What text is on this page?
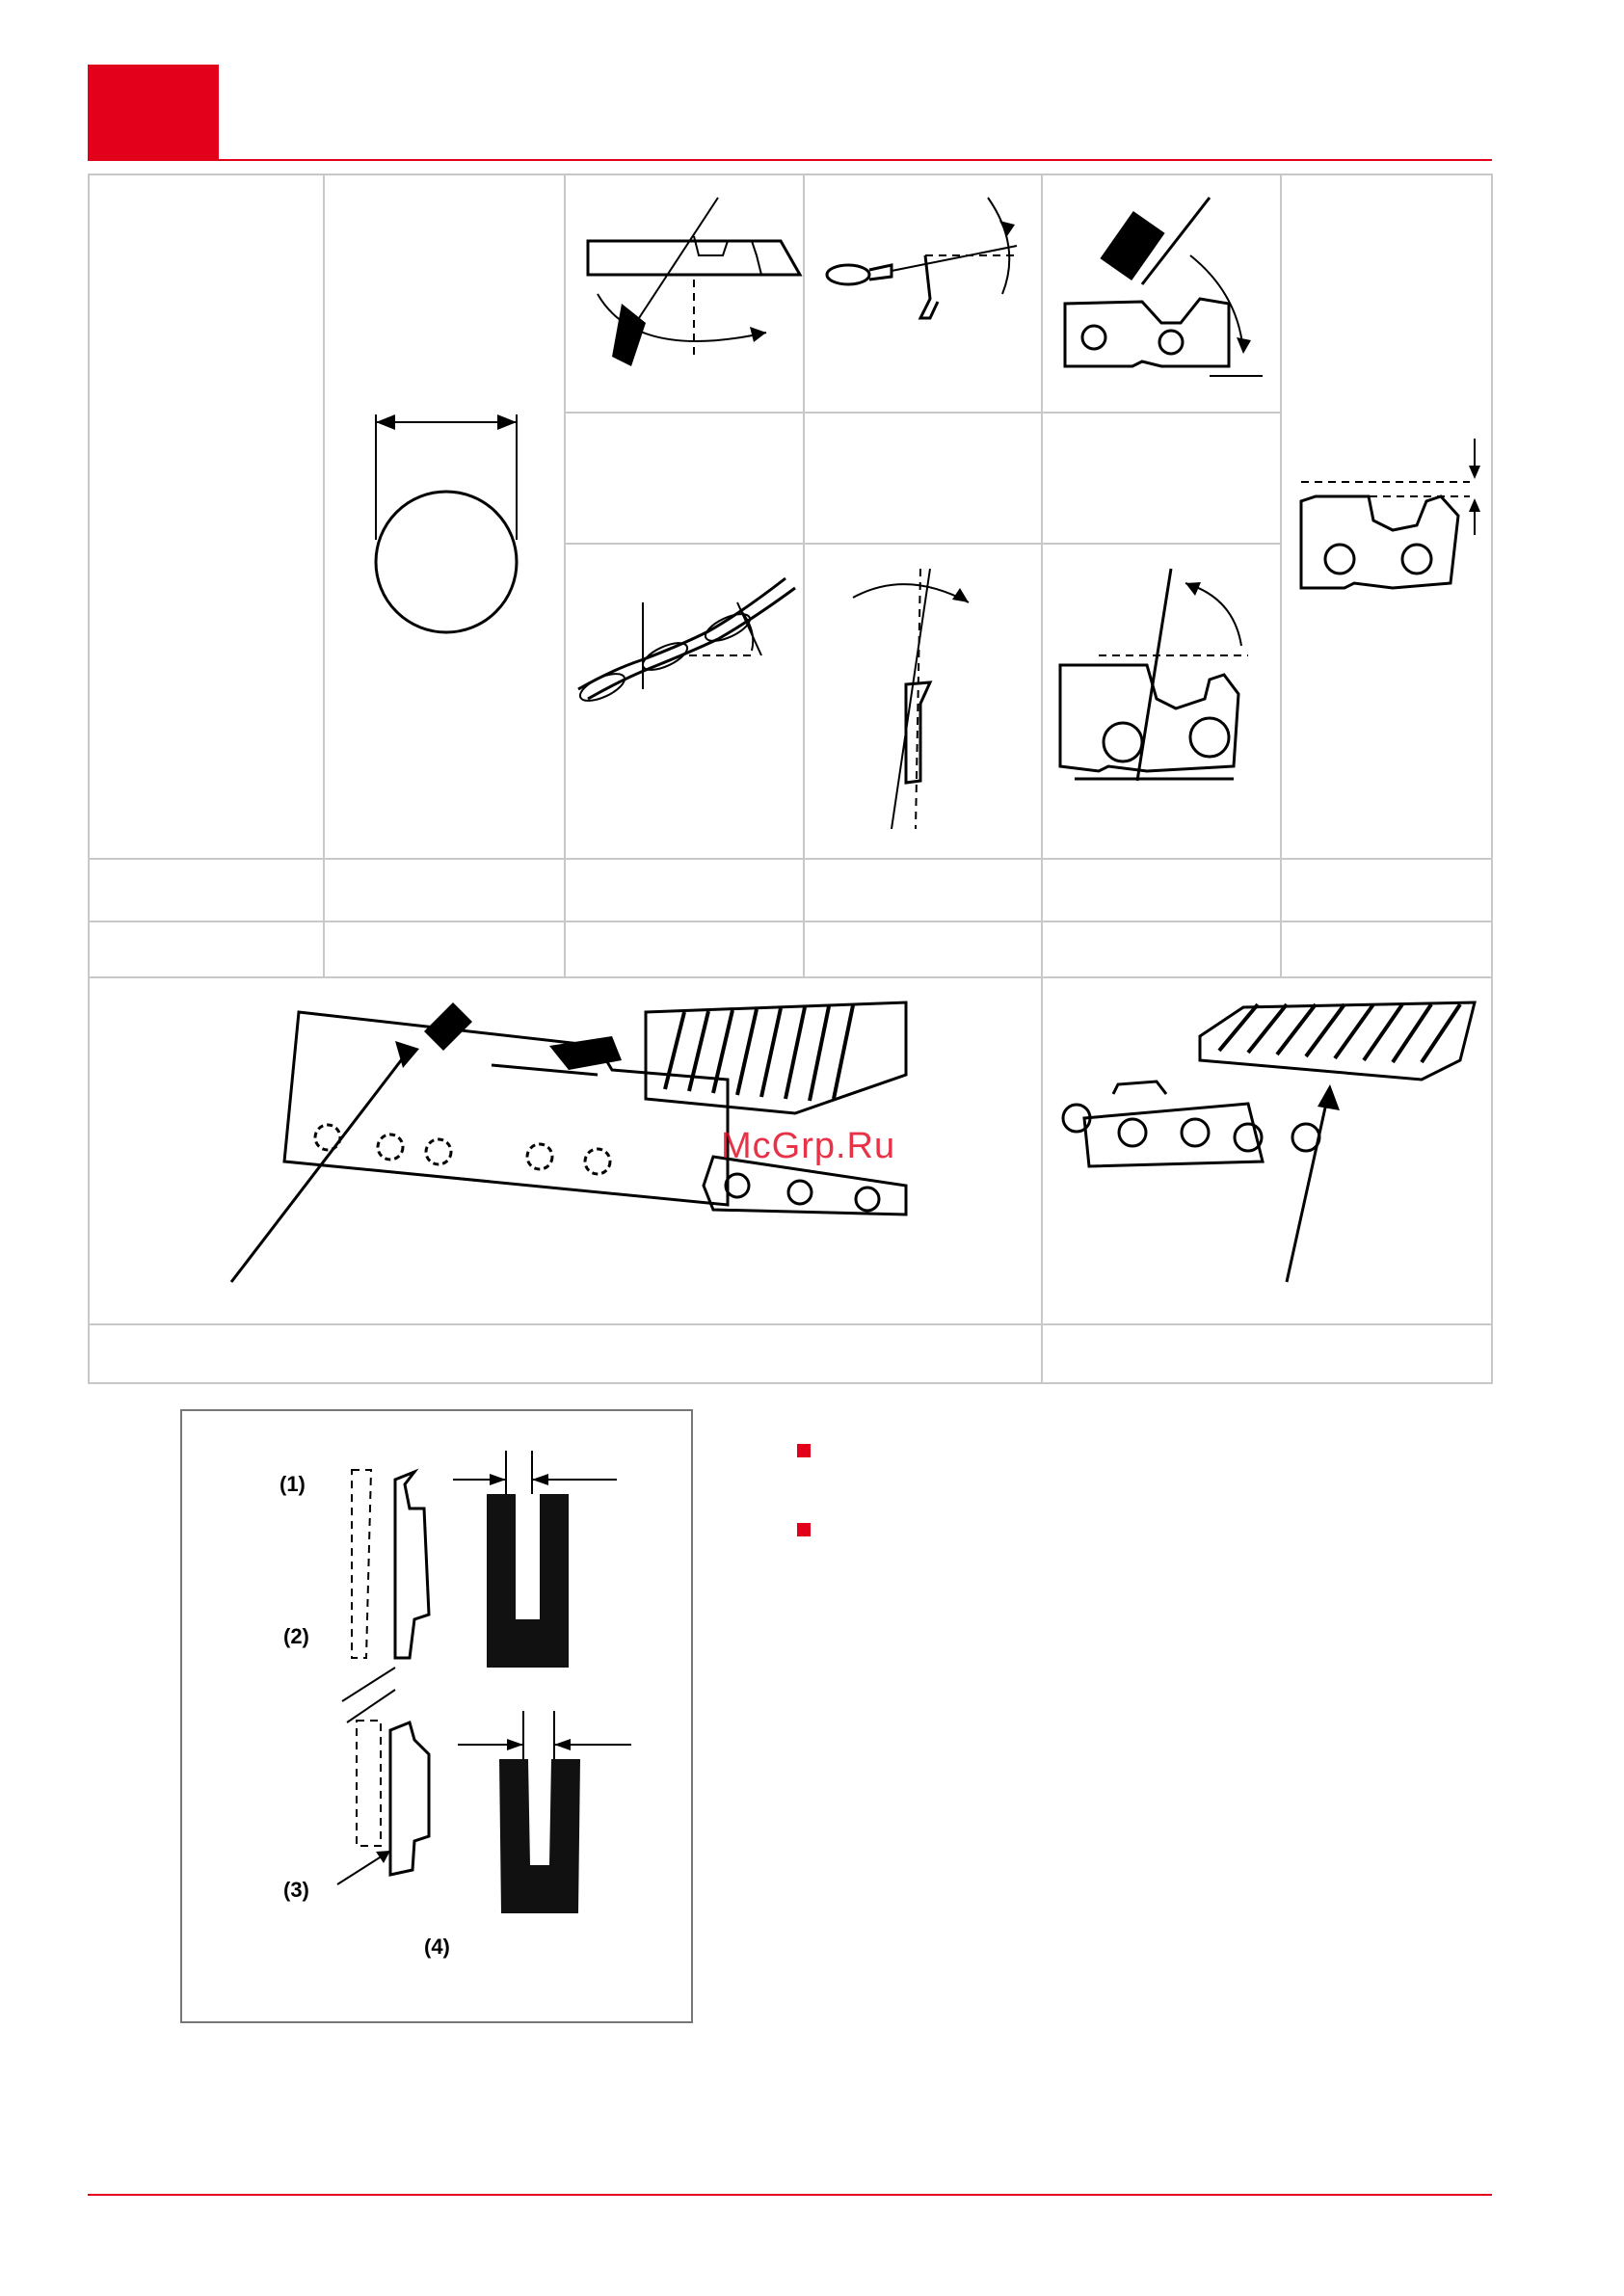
McGrp.Ru
(1)
(2)
(3)
(4)
